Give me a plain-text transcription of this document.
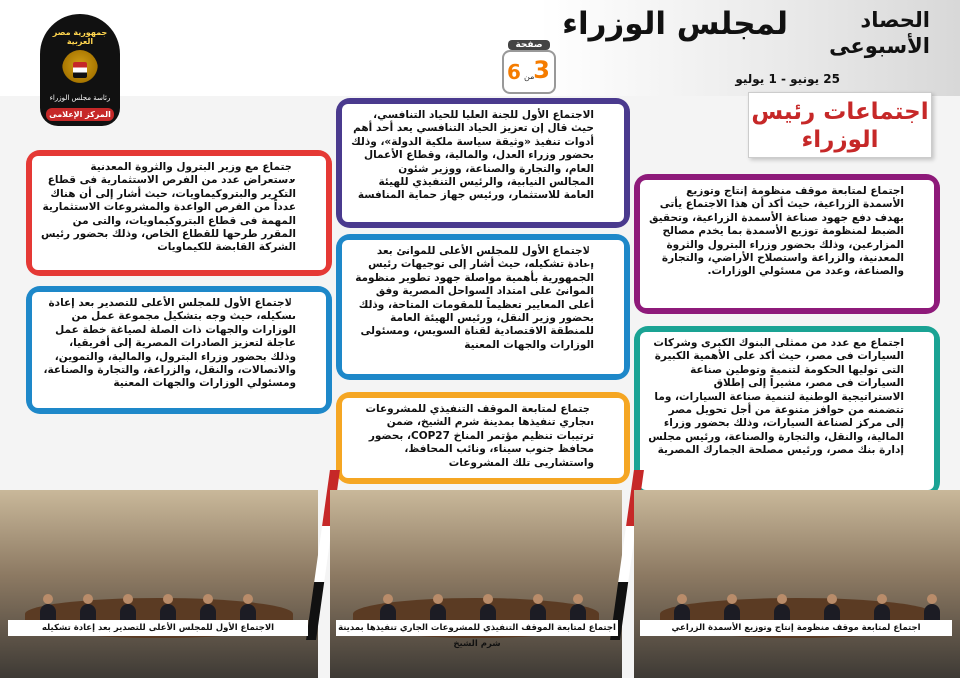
جمهورية مصر العربية
رئاسة مجلس الوزراء
المركز الإعلامى
لمجلس الوزراء	الحصاد
الأسبوعى
25 يونيو - 1 يوليو
صفحة
3
من
6
اجتماعات رئيس الوزراء
7
اجتماع لمتابعة موقف منظومة إنتاج وتوزيع الأسمدة الزراعية، حيث أكد أن هذا الاجتماع يأتى بهدف دفع جهود صناعة الأسمدة الزراعية، وتحقيق الضبط لمنظومة توزيع الأسمدة بما يخدم مصالح المزارعين، وذلك بحضور وزراء البترول والثروة المعدنية، والزراعة واستصلاح الأراضي، والتجارة والصناعة، وعدد من مسئولي الوزارات.
8
اجتماع مع عدد من ممثلى البنوك الكبرى وشركات السيارات فى مصر، حيث أكد على الأهمية الكبيرة التى توليها الحكومة لتنمية وتوطين صناعة السيارات فى مصر، مشيراً إلى إطلاق الاستراتيجية الوطنية لتنمية صناعة السيارات، وما تتضمنه من حوافز متنوعة من أجل تحويل مصر إلى مركز لصناعة السيارات، وذلك بحضور وزراء المالية، والنقل، والتجارة والصناعة، ورئيس مجلس إدارة بنك مصر، ورئيس مصلحة الجمارك المصرية
9
الاجتماع الأول للجنة العليا للحياد التنافسي، حيث قال إن تعزيز الحياد التنافسي يعد أحد أهم أدوات تنفيذ «وثيقة سياسة ملكية الدولة»، وذلك بحضور وزراء العدل، والمالية، وقطاع الأعمال العام، والتجارة والصناعة، ووزير شئون المجالس النيابية، والرئيس التنفيذي للهيئة العامة للاستثمار، ورئيس جهاز حماية المنافسة
10
الاجتماع الأول للمجلس الأعلى للموانئ بعد إعادة تشكيله، حيث أشار إلى توجيهات رئيس الجمهورية بأهمية مواصلة جهود تطوير منظومة الموانئ على امتداد السواحل المصرية وفق أعلى المعايير تعظيماً للمقومات المتاحة، وذلك بحضور وزير النقل، ورئيس الهيئة العامة للمنطقة الاقتصادية لقناة السويس، ومسئولى الوزارات والجهات المعنية
11
اجتماع لمتابعة الموقف التنفيذي للمشروعات الجاري تنفيذها بمدينة شرم الشيخ، ضمن ترتيبات تنظيم مؤتمر المناخ COP27، بحضور محافظ جنوب سيناء، ونائب المحافظ، واستشاريى تلك المشروعات
12
اجتماع مع وزير البترول والثروة المعدنية لاستعراض عدد من الفرص الاستثمارية فى قطاع التكرير والبتروكيماويات، حيث أشار إلى أن هناك عدداً من الفرص الواعدة والمشروعات الاستثمارية المهمة فى قطاع البتروكيماويات، والتى من المقرر طرحها للقطاع الخاص، وذلك بحضور رئيس الشركة القابضة للكيماويات
13
الاجتماع الأول للمجلس الأعلى للتصدير بعد إعادة تشكيله، حيث وجه بتشكيل مجموعة عمل من الوزارات والجهات ذات الصلة لصياغة خطة عمل عاجلة لتعزيز الصادرات المصرية إلى أفريقيا، وذلك بحضور وزراء البترول، والمالية، والتموين، والاتصالات، والنقل، والزراعة، والتجارة والصناعة، ومسئولي الوزارات والجهات المعنية
الاجتماع الأول للمجلس الأعلى للتصدير بعد إعادة تشكيله	اجتماع لمتابعة الموقف التنفيذي للمشروعات الجاري تنفيذها بمدينة شرم الشيخ
اجتماع لمتابعة موقف منظومة إنتاج وتوزيع الأسمدة الزراعي
